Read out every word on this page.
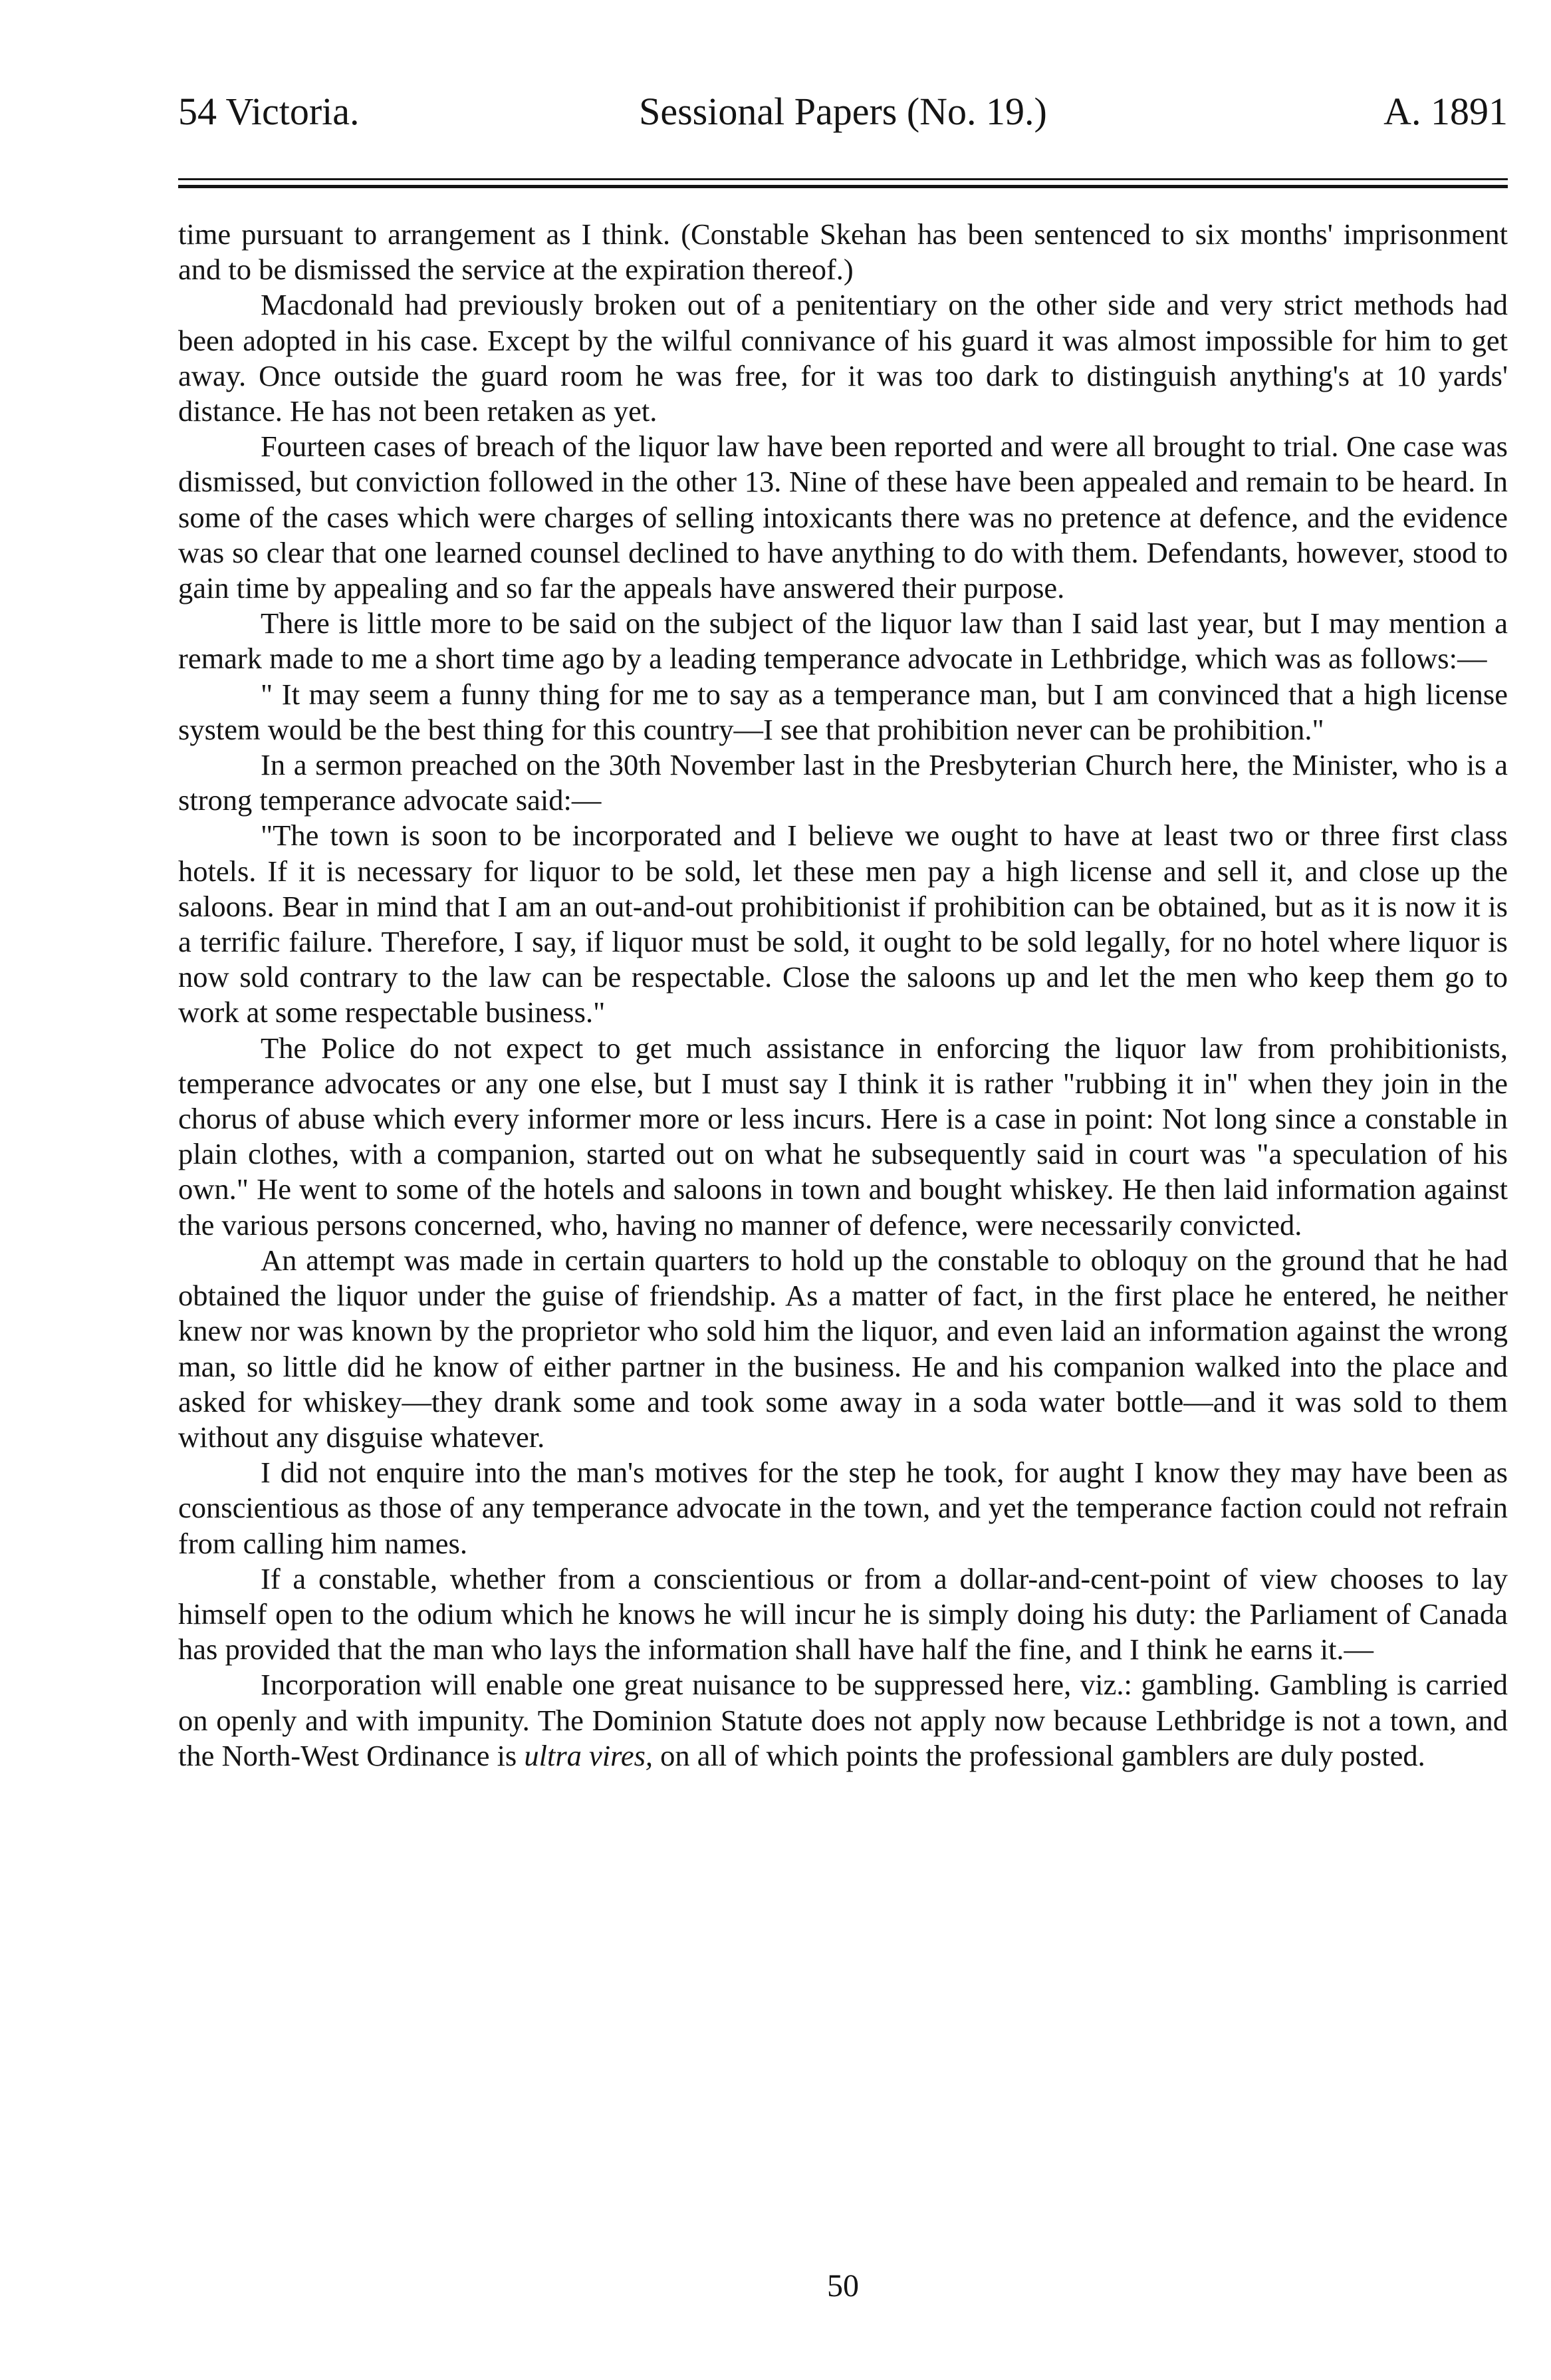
54 Victoria.	Sessional Papers (No. 19.)	A. 1891

time pursuant to arrangement as I think. (Constable Skehan has been sentenced to six months' imprisonment and to be dismissed the service at the expiration thereof.)

Macdonald had previously broken out of a penitentiary on the other side and very strict methods had been adopted in his case. Except by the wilful connivance of his guard it was almost impossible for him to get away. Once outside the guard room he was free, for it was too dark to distinguish anything's at 10 yards' distance. He has not been retaken as yet.

Fourteen cases of breach of the liquor law have been reported and were all brought to trial. One case was dismissed, but conviction followed in the other 13. Nine of these have been appealed and remain to be heard. In some of the cases which were charges of selling intoxicants there was no pretence at defence, and the evidence was so clear that one learned counsel declined to have anything to do with them. Defendants, however, stood to gain time by appealing and so far the appeals have answered their purpose.

There is little more to be said on the subject of the liquor law than I said last year, but I may mention a remark made to me a short time ago by a leading temperance advocate in Lethbridge, which was as follows:—

" It may seem a funny thing for me to say as a temperance man, but I am convinced that a high license system would be the best thing for this country—I see that prohibition never can be prohibition."

In a sermon preached on the 30th November last in the Presbyterian Church here, the Minister, who is a strong temperance advocate said:—

"The town is soon to be incorporated and I believe we ought to have at least two or three first class hotels. If it is necessary for liquor to be sold, let these men pay a high license and sell it, and close up the saloons. Bear in mind that I am an out-and-out prohibitionist if prohibition can be obtained, but as it is now it is a terrific failure. Therefore, I say, if liquor must be sold, it ought to be sold legally, for no hotel where liquor is now sold contrary to the law can be respectable. Close the saloons up and let the men who keep them go to work at some respectable business."

The Police do not expect to get much assistance in enforcing the liquor law from prohibitionists, temperance advocates or any one else, but I must say I think it is rather "rubbing it in" when they join in the chorus of abuse which every informer more or less incurs. Here is a case in point: Not long since a constable in plain clothes, with a companion, started out on what he subsequently said in court was "a speculation of his own." He went to some of the hotels and saloons in town and bought whiskey. He then laid information against the various persons concerned, who, having no manner of defence, were necessarily convicted.

An attempt was made in certain quarters to hold up the constable to obloquy on the ground that he had obtained the liquor under the guise of friendship. As a matter of fact, in the first place he entered, he neither knew nor was known by the proprietor who sold him the liquor, and even laid an information against the wrong man, so little did he know of either partner in the business. He and his companion walked into the place and asked for whiskey—they drank some and took some away in a soda water bottle—and it was sold to them without any disguise whatever.

I did not enquire into the man's motives for the step he took, for aught I know they may have been as conscientious as those of any temperance advocate in the town, and yet the temperance faction could not refrain from calling him names.

If a constable, whether from a conscientious or from a dollar-and-cent-point of view chooses to lay himself open to the odium which he knows he will incur he is simply doing his duty: the Parliament of Canada has provided that the man who lays the information shall have half the fine, and I think he earns it.—

Incorporation will enable one great nuisance to be suppressed here, viz.: gambling. Gambling is carried on openly and with impunity. The Dominion Statute does not apply now because Lethbridge is not a town, and the North-West Ordinance is ultra vires, on all of which points the professional gamblers are duly posted.

50
